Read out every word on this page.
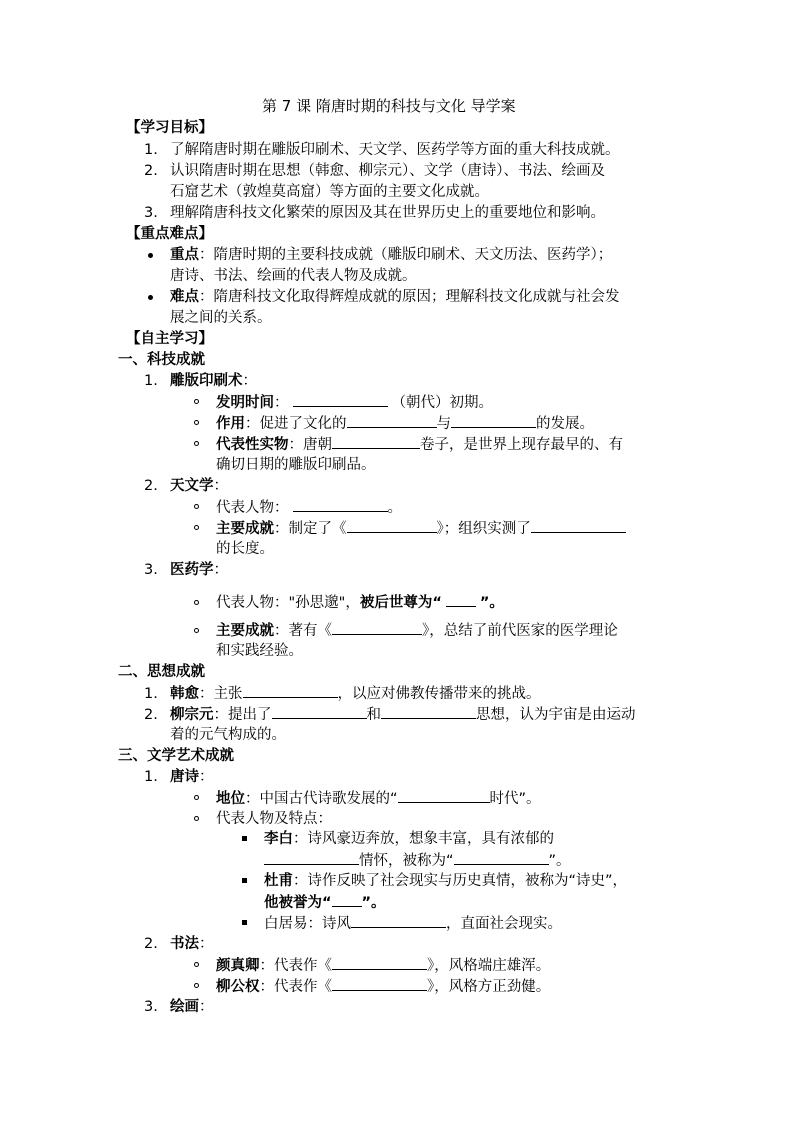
第 7 课 隋唐时期的科技与文化 导学案
【学习目标】
1. 了解隋唐时期在雕版印刷术、天文学、医药学等方面的重大科技成就。
2. 认识隋唐时期在思想（韩愈、柳宗元）、文学（唐诗）、书法、绘画及
石窟艺术（敦煌莫高窟）等方面的主要文化成就。
3. 理解隋唐科技文化繁荣的原因及其在世界历史上的重要地位和影响。
【重点难点】
重点：隋唐时期的主要科技成就（雕版印刷术、天文历法、医药学）；
唐诗、书法、绘画的代表人物及成就。
难点：隋唐科技文化取得辉煌成就的原因；理解科技文化成就与社会发
展之间的关系。
【自主学习】
一、科技成就
1. 雕版印刷术：
发明时间：	（朝代）初期。
作用：促进了文化的	与	的发展。
代表性实物：唐朝	卷子，是世界上现存最早的、有
确切日期的雕版印刷品。
2. 天文学：
代表人物：	。
主要成就：制定了《	》；组织实测了
的长度。
3. 医药学：
代表人物："孙思邈"，被后世尊为“	”。
主要成就：著有《	》，总结了前代医家的医学理论
和实践经验。
二、思想成就
1. 韩愈：主张	，以应对佛教传播带来的挑战。
2. 柳宗元：提出了	和	思想，认为宇宙是由运动
着的元气构成的。
三、文学艺术成就
1. 唐诗：
地位：中国古代诗歌发展的“	时代”。
代表人物及特点：
李白：诗风豪迈奔放，想象丰富，具有浓郁的
情怀，被称为“	”。
杜甫：诗作反映了社会现实与历史真情，被称为“诗史”，
他被誉为“ ”。
白居易：诗风	，直面社会现实。
2. 书法：
颜真卿：代表作《	》，风格端庄雄浑。
柳公权：代表作《	》，风格方正劲健。
3. 绘画：
